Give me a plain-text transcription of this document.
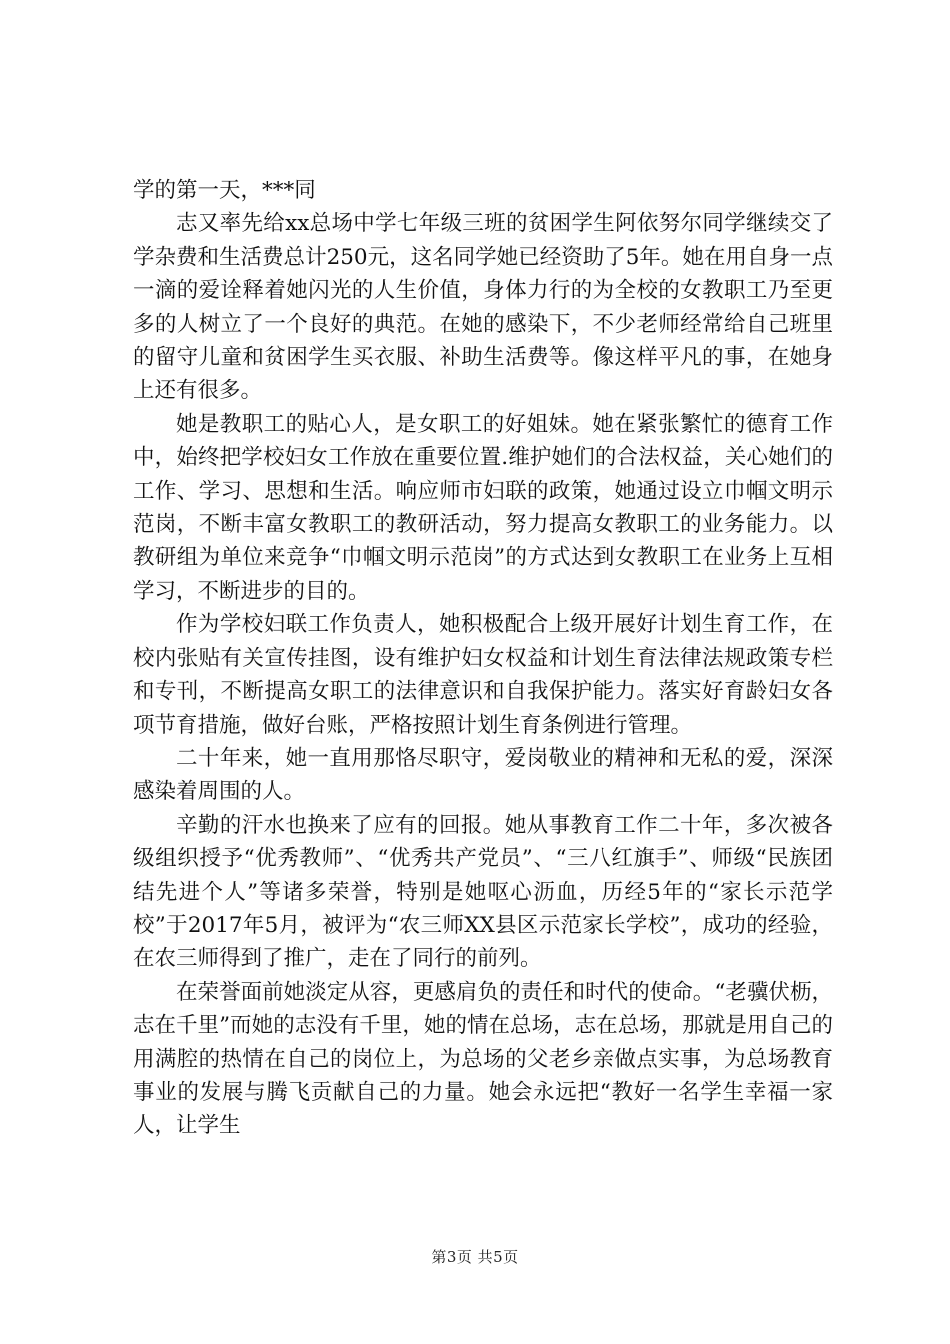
学的第一天，***同

志又率先给xx总场中学七年级三班的贫困学生阿依努尔同学继续交了学杂费和生活费总计250元，这名同学她已经资助了5年。她在用自身一点一滴的爱诠释着她闪光的人生价值，身体力行的为全校的女教职工乃至更多的人树立了一个良好的典范。在她的感染下，不少老师经常给自己班里的留守儿童和贫困学生买衣服、补助生活费等。像这样平凡的事，在她身上还有很多。

她是教职工的贴心人，是女职工的好姐妹。她在紧张繁忙的德育工作中，始终把学校妇女工作放在重要位置.维护她们的合法权益，关心她们的工作、学习、思想和生活。响应师市妇联的政策，她通过设立巾帼文明示范岗，不断丰富女教职工的教研活动，努力提高女教职工的业务能力。以教研组为单位来竞争“巾帼文明示范岗”的方式达到女教职工在业务上互相学习，不断进步的目的。

作为学校妇联工作负责人，她积极配合上级开展好计划生育工作，在校内张贴有关宣传挂图，设有维护妇女权益和计划生育法律法规政策专栏和专刊，不断提高女职工的法律意识和自我保护能力。落实好育龄妇女各项节育措施，做好台账，严格按照计划生育条例进行管理。

二十年来，她一直用那恪尽职守，爱岗敬业的精神和无私的爱，深深感染着周围的人。

辛勤的汗水也换来了应有的回报。她从事教育工作二十年，多次被各级组织授予“优秀教师”、“优秀共产党员”、“三八红旗手”、师级“民族团结先进个人”等诸多荣誉，特别是她呕心沥血，历经5年的“家长示范学校”于2017年5月，被评为“农三师XX县区示范家长学校”，成功的经验，在农三师得到了推广，走在了同行的前列。

在荣誉面前她淡定从容，更感肩负的责任和时代的使命。“老骥伏枥，志在千里”而她的志没有千里，她的情在总场，志在总场，那就是用自己的用满腔的热情在自己的岗位上，为总场的父老乡亲做点实事，为总场教育事业的发展与腾飞贡献自己的力量。她会永远把“教好一名学生幸福一家人，让学生

第3页 共5页
